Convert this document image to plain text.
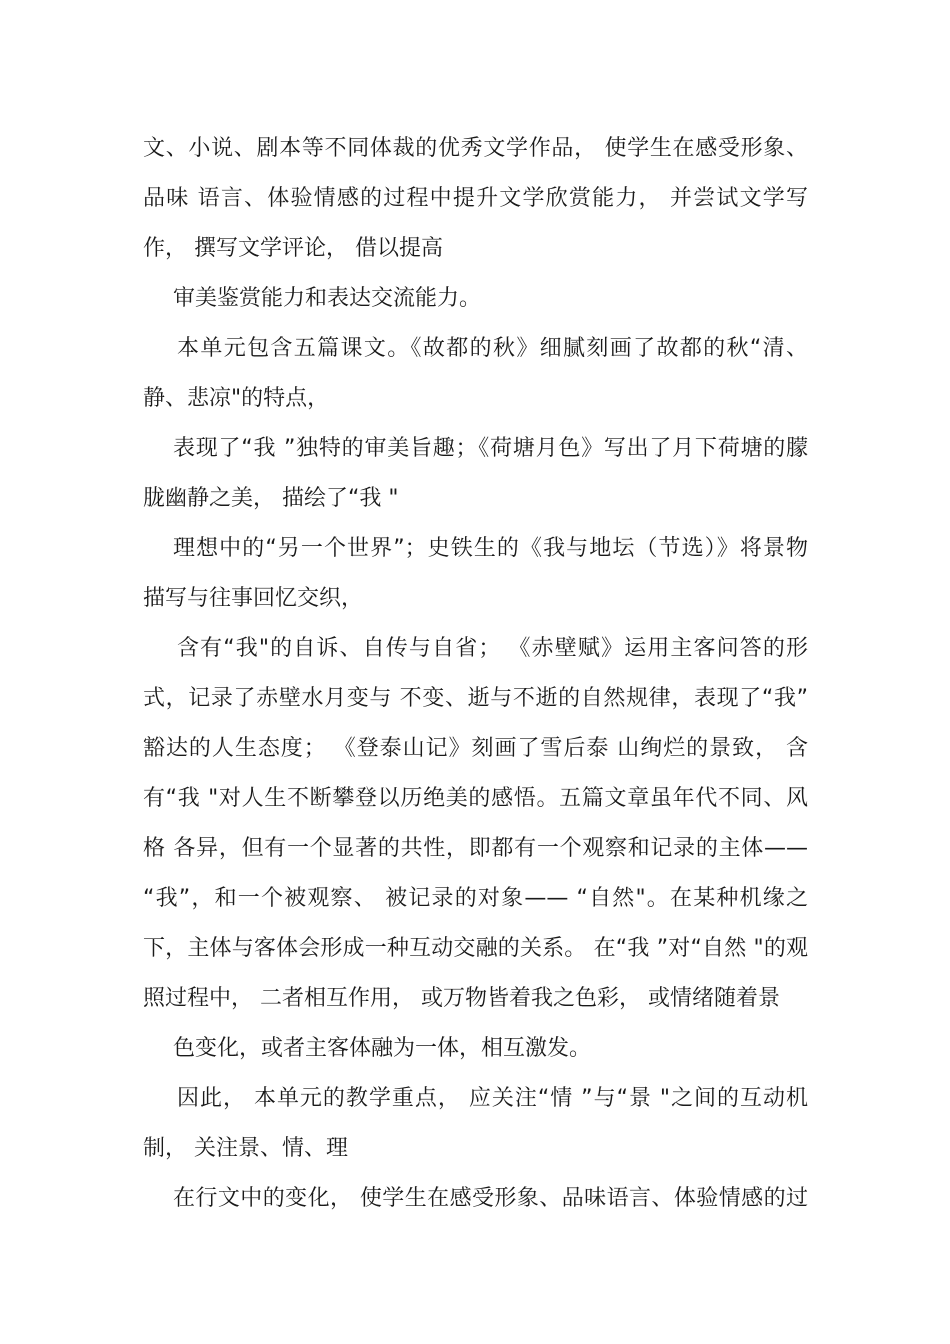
文、小说、剧本等不同体裁的优秀文学作品， 使学生在感受形象、
品味 语言、体验情感的过程中提升文学欣赏能力， 并尝试文学写
作， 撰写文学评论， 借以提高
审美鉴赏能力和表达交流能力。
本单元包含五篇课文。《故都的秋》细腻刻画了故都的秋“清、
静、悲凉"的特点，
表现了“我 ”独特的审美旨趣；《荷塘月色》写出了月下荷塘的朦
胧幽静之美， 描绘了“我 "
理想中的“另一个世界”；史铁生的《我与地坛（节选）》将景物
描写与往事回忆交织，
含有“我"的自诉、自传与自省； 《赤壁赋》运用主客问答的形
式，记录了赤壁水月变与 不变、逝与不逝的自然规律，表现了“我”
豁达的人生态度； 《登泰山记》刻画了雪后泰 山绚烂的景致， 含
有“我 "对人生不断攀登以历绝美的感悟。五篇文章虽年代不同、风
格 各异，但有一个显著的共性，即都有一个观察和记录的主体——
“我”，和一个被观察、 被记录的对象—— “自然"。在某种机缘之
下，主体与客体会形成一种互动交融的关系。 在“我 ”对“自然 "的观
照过程中， 二者相互作用， 或万物皆着我之色彩， 或情绪随着景
色变化，或者主客体融为一体，相互激发。
因此， 本单元的教学重点， 应关注“情 ”与“景 "之间的互动机
制， 关注景、情、理
在行文中的变化， 使学生在感受形象、品味语言、体验情感的过
